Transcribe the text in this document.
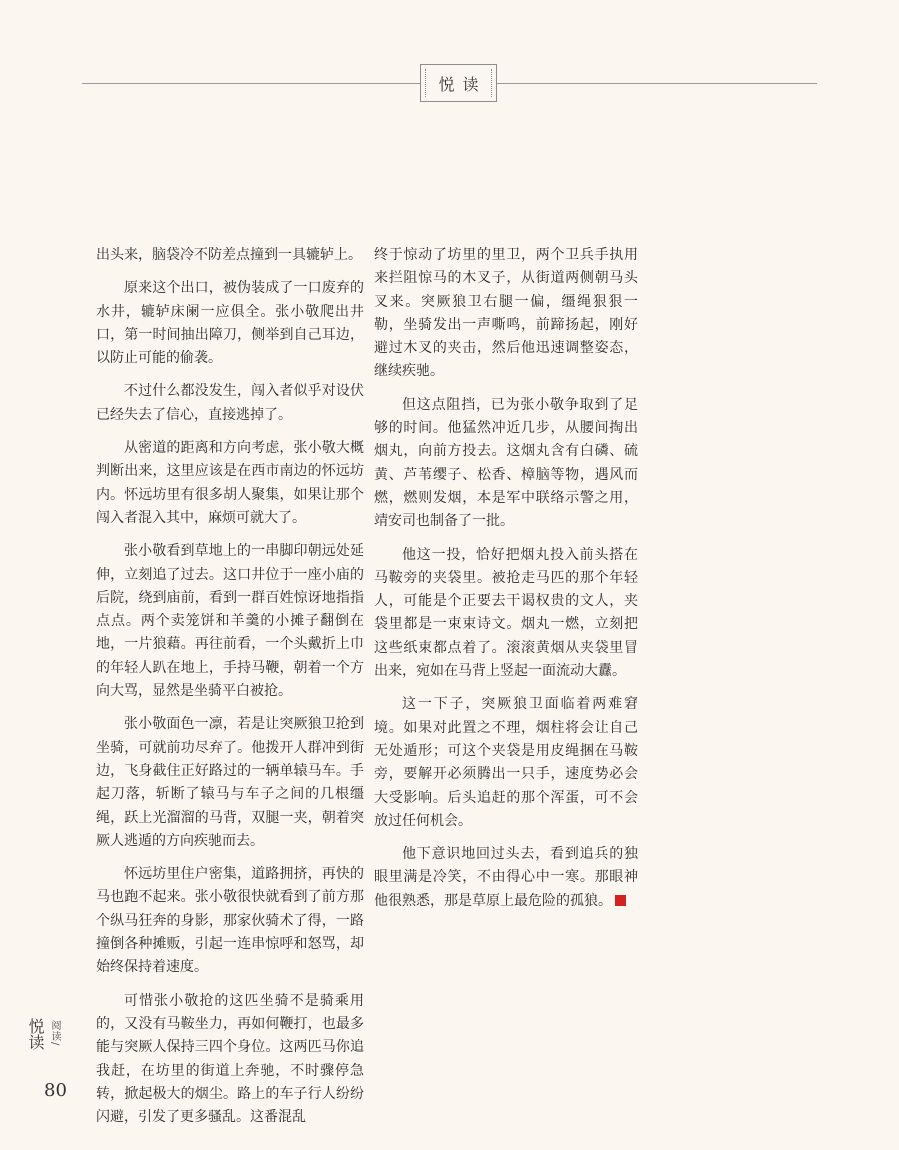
悦读

出头来，脑袋冷不防差点撞到一具辘轳上。

原来这个出口，被伪装成了一口废弃的水井，辘轳床阑一应俱全。张小敬爬出井口，第一时间抽出障刀，侧举到自己耳边，以防止可能的偷袭。

不过什么都没发生，闯入者似乎对设伏已经失去了信心，直接逃掉了。

从密道的距离和方向考虑，张小敬大概判断出来，这里应该是在西市南边的怀远坊内。怀远坊里有很多胡人聚集，如果让那个闯入者混入其中，麻烦可就大了。

张小敬看到草地上的一串脚印朝远处延伸，立刻追了过去。这口井位于一座小庙的后院，绕到庙前，看到一群百姓惊讶地指指点点。两个卖笼饼和羊羹的小摊子翻倒在地，一片狼藉。再往前看，一个头戴折上巾的年轻人趴在地上，手持马鞭，朝着一个方向大骂，显然是坐骑平白被抢。

张小敬面色一凛，若是让突厥狼卫抢到坐骑，可就前功尽弃了。他拨开人群冲到街边，飞身截住正好路过的一辆单辕马车。手起刀落，斩断了辕马与车子之间的几根缰绳，跃上光溜溜的马背，双腿一夹，朝着突厥人逃遁的方向疾驰而去。

怀远坊里住户密集，道路拥挤，再快的马也跑不起来。张小敬很快就看到了前方那个纵马狂奔的身影，那家伙骑术了得，一路撞倒各种摊贩，引起一连串惊呼和怒骂，却始终保持着速度。

可惜张小敬抢的这匹坐骑不是骑乘用的，又没有马鞍坐力，再如何鞭打，也最多能与突厥人保持三四个身位。这两匹马你追我赶，在坊里的街道上奔驰，不时骤停急转，掀起极大的烟尘。路上的车子行人纷纷闪避，引发了更多骚乱。这番混乱

终于惊动了坊里的里卫，两个卫兵手执用来拦阻惊马的木叉子，从街道两侧朝马头叉来。突厥狼卫右腿一偏，缰绳狠狠一勒，坐骑发出一声嘶鸣，前蹄扬起，刚好避过木叉的夹击，然后他迅速调整姿态，继续疾驰。

但这点阻挡，已为张小敬争取到了足够的时间。他猛然冲近几步，从腰间掏出烟丸，向前方投去。这烟丸含有白磷、硫黄、芦苇缨子、松香、樟脑等物，遇风而燃，燃则发烟，本是军中联络示警之用，靖安司也制备了一批。

他这一投，恰好把烟丸投入前头搭在马鞍旁的夹袋里。被抢走马匹的那个年轻人，可能是个正要去干谒权贵的文人，夹袋里都是一束束诗文。烟丸一燃，立刻把这些纸束都点着了。滚滚黄烟从夹袋里冒出来，宛如在马背上竖起一面流动大纛。

这一下子，突厥狼卫面临着两难窘境。如果对此置之不理，烟柱将会让自己无处遁形；可这个夹袋是用皮绳捆在马鞍旁，要解开必须腾出一只手，速度势必会大受影响。后头追赶的那个浑蛋，可不会放过任何机会。

他下意识地回过头去，看到追兵的独眼里满是冷笑，不由得心中一寒。那眼神他很熟悉，那是草原上最危险的孤狼。

悦读 阅读/
80
